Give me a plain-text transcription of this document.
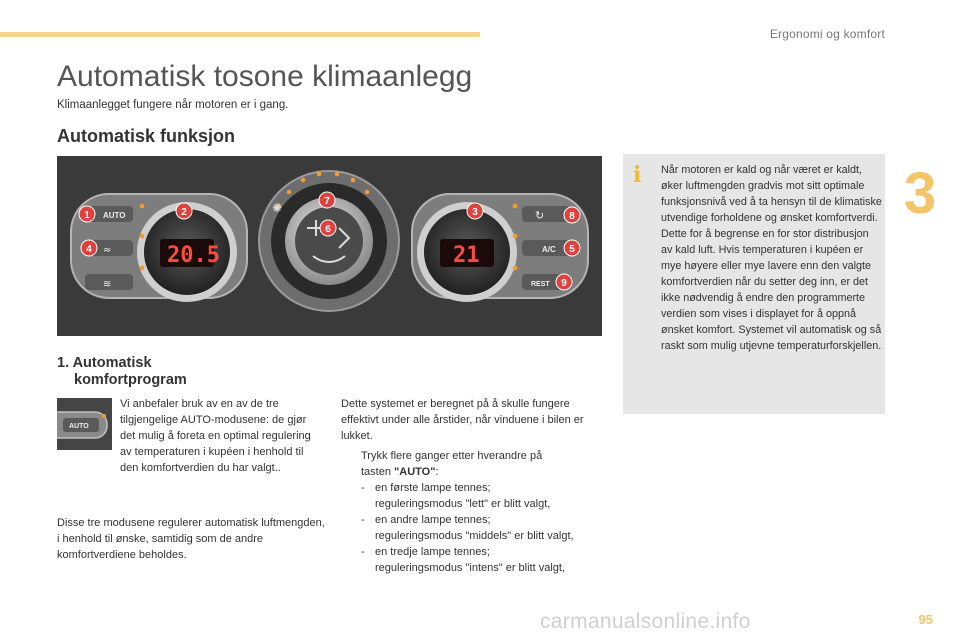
Ergonomi og komfort
3
Automatisk tosone klimaanlegg
Klimaanlegget fungere når motoren er i gang.
Automatisk funksjon
20.5	21
AUTO
A/C
REST
≈
≋
↻
✺
1	2	3
4	5
6
7
8
9
1. Automatisk
komfortprogram
AUTO

Vi anbefaler bruk av en av de tre tilgjengelige AUTO-modusene: de gjør det mulig å foreta en optimal regulering av temperaturen i kupéen i henhold til den komfortverdien du har valgt..

Disse tre modusene regulerer automatisk luftmengden, i henhold til ønske, samtidig som de andre komfortverdiene beholdes.

Dette systemet er beregnet på å skulle fungere effektivt under alle årstider, når vinduene i bilen er lukket.

Trykk flere ganger etter hverandre på
tasten "AUTO":
- en første lampe tennes;
reguleringsmodus "lett" er blitt valgt,
- en andre lampe tennes;
reguleringsmodus "middels" er blitt valgt,
- en tredje lampe tennes;
reguleringsmodus "intens" er blitt valgt,
i Når motoren er kald og når været er kaldt, øker luftmengden gradvis mot sitt optimale funksjonsnivå ved å ta hensyn til de klimatiske utvendige forholdene og ønsket komfortverdi. Dette for å begrense en for stor distribusjon av kald luft. Hvis temperaturen i kupéen er mye høyere eller mye lavere enn den valgte komfortverdien når du setter deg inn, er det ikke nødvendig å endre den programmerte verdien som vises i displayet for å oppnå ønsket komfort. Systemet vil automatisk og så raskt som mulig utjevne temperaturforskjellen.

95
carmanualsonline.info
